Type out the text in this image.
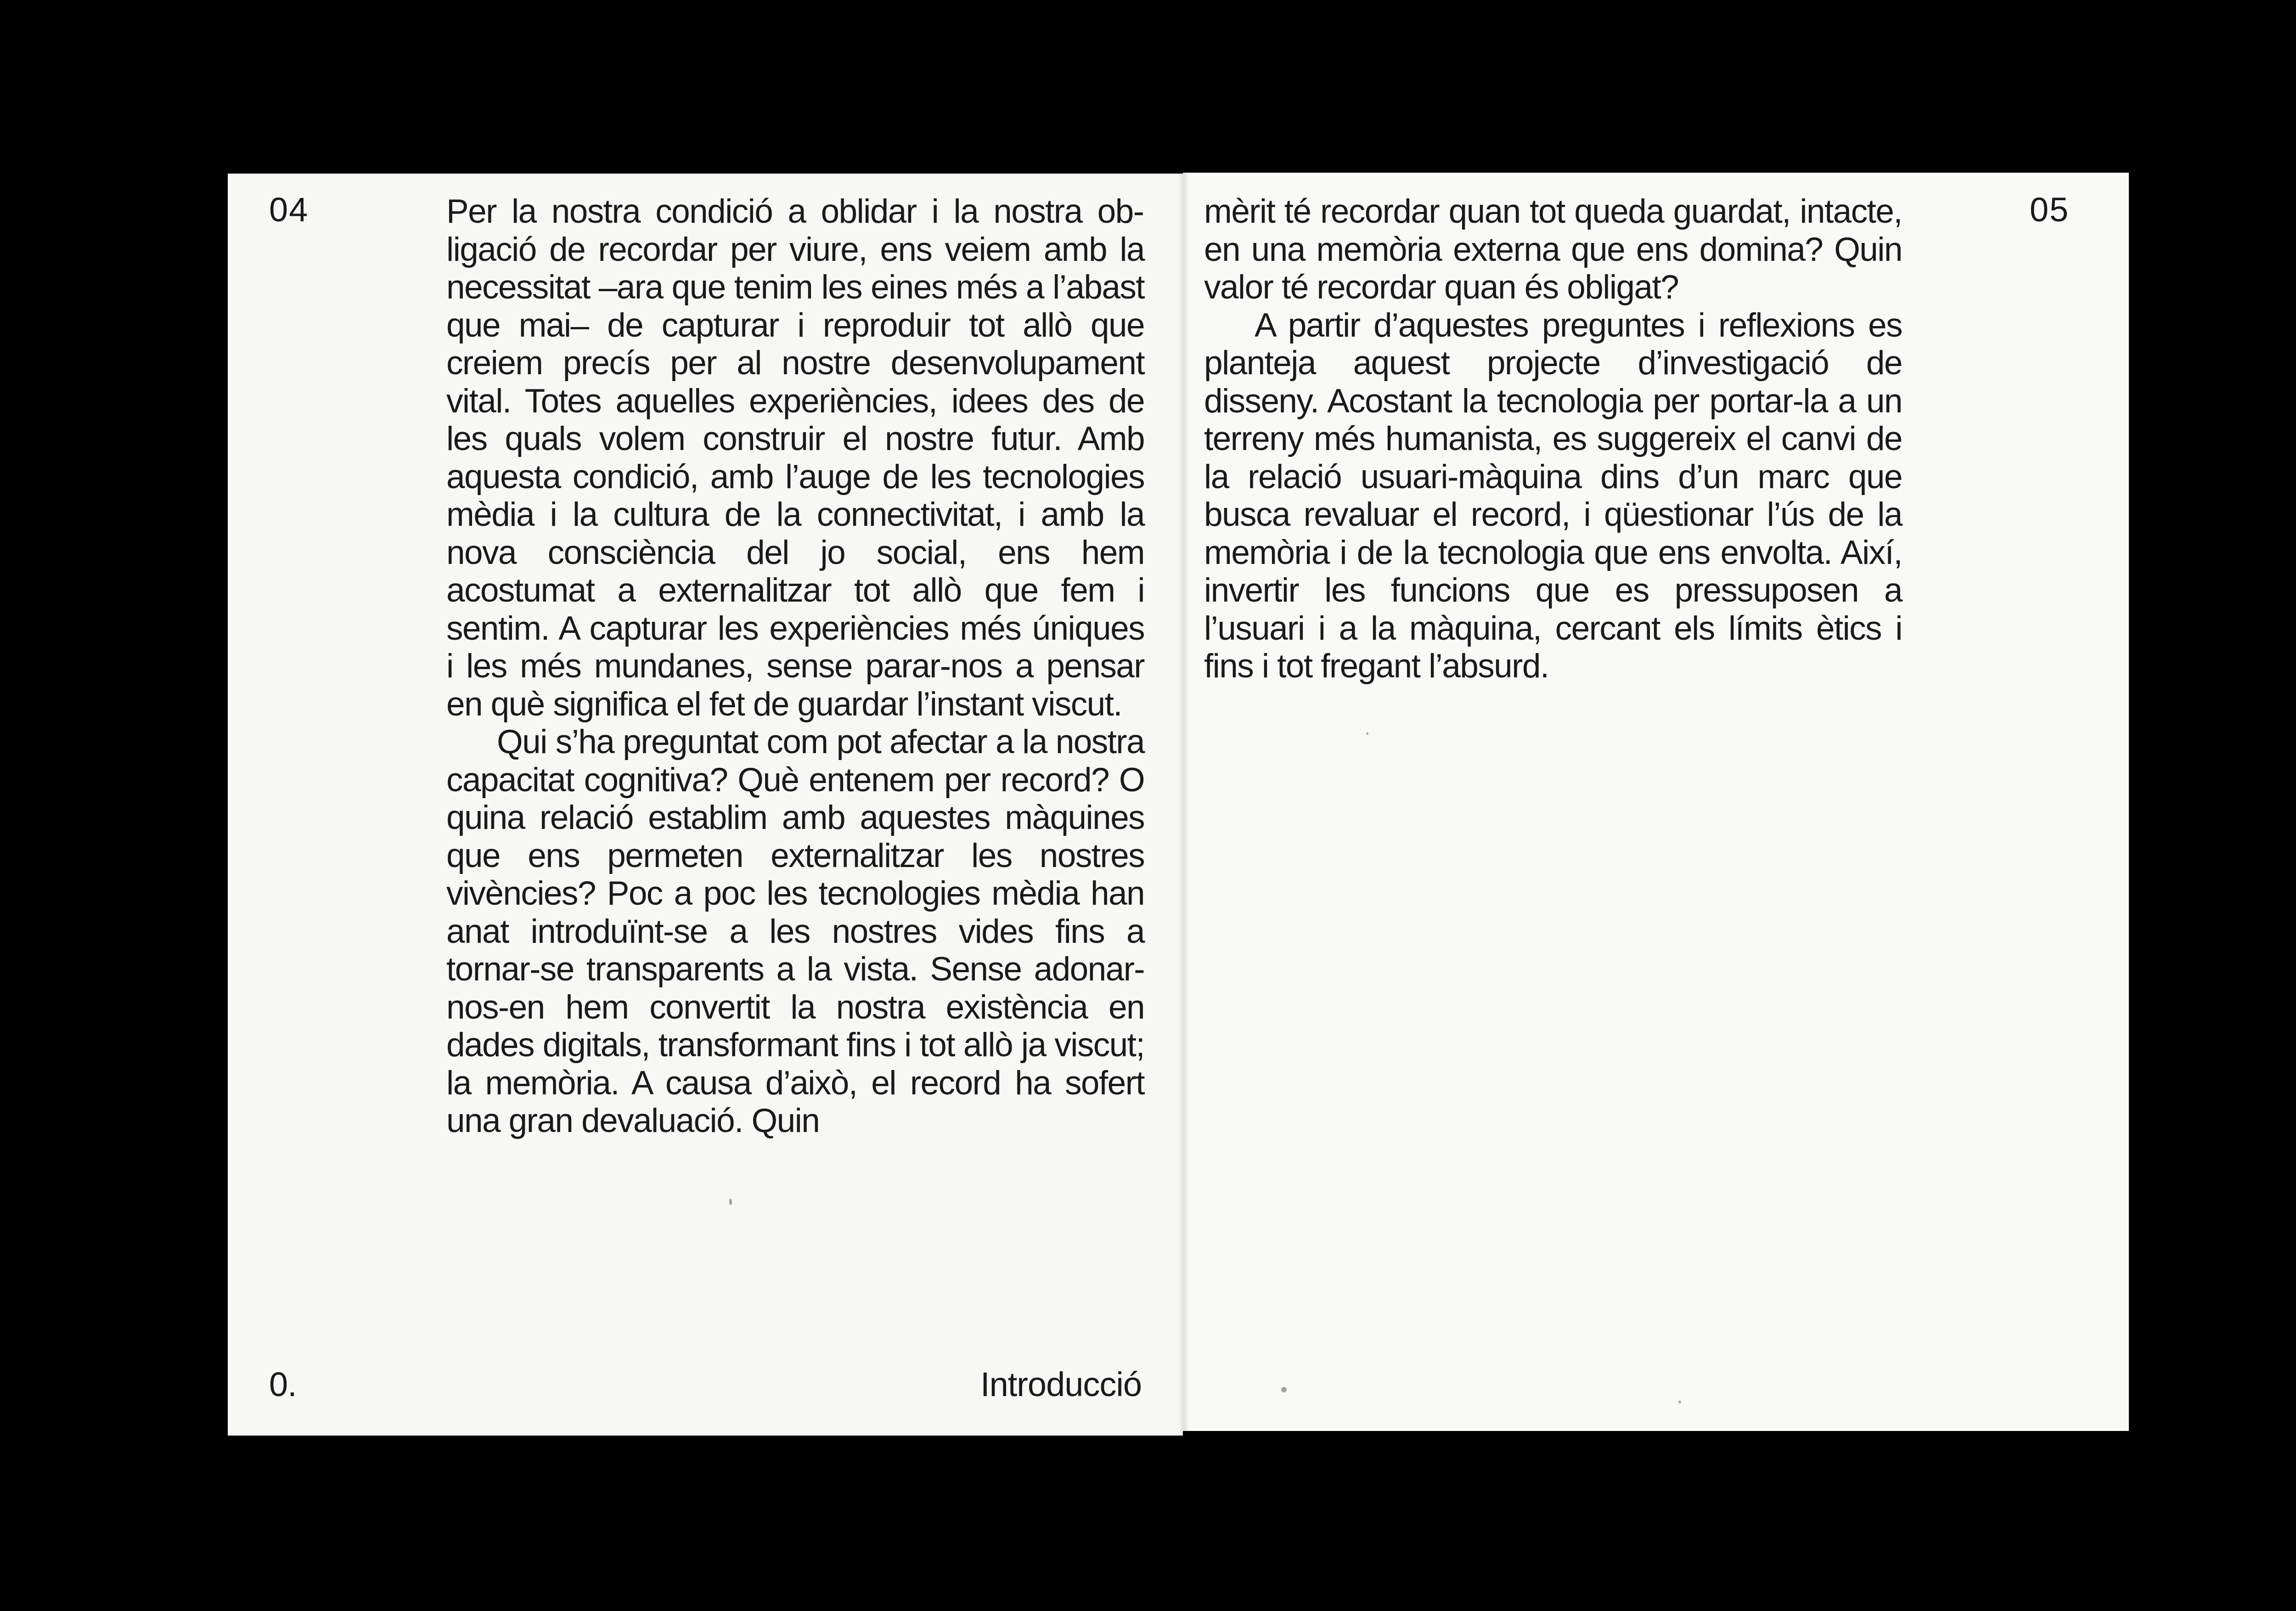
04	05

Per la nostra condició a oblidar i la nostra obligació de recordar per viure, ens veiem amb la necessitat –ara que tenim les eines més a l’abast que mai– de capturar i reproduir tot allò que creiem precís per al nostre desenvolupament vital. Totes aquelles experiències, idees des de les quals volem construir el nostre futur. Amb aquesta condició, amb l’auge de les tecnologies mèdia i la cultura de la connectivitat, i amb la nova consciència del jo social, ens hem acostumat a externalitzar tot allò que fem i sentim. A capturar les experiències més úniques i les més mundanes, sense parar-nos a pensar en què significa el fet de guardar l’instant viscut.

Qui s’ha preguntat com pot afectar a la nostra capacitat cognitiva? Què entenem per record? O quina relació establim amb aquestes màquines que ens permeten externalitzar les nostres vivències? Poc a poc les tecnologies mèdia han anat introduïnt-se a les nostres vides fins a tornar-se transparents a la vista. Sense adonar-nos-en hem convertit la nostra existència en dades digitals, transformant fins i tot allò ja viscut; la memòria. A causa d’això, el record ha sofert una gran devaluació. Quin

mèrit té recordar quan tot queda guardat, intacte, en una memòria externa que ens domina? Quin valor té recordar quan és obligat?

A partir d’aquestes preguntes i reflexions es planteja aquest projecte d’investigació de disseny. Acostant la tecnologia per portar-la a un terreny més humanista, es suggereix el canvi de la relació usuari-màquina dins d’un marc que busca revaluar el record, i qüestionar l’ús de la memòria i de la tecnologia que ens envolta. Així, invertir les funcions que es pressuposen a l’usuari i a la màquina, cercant els límits ètics i fins i tot fregant l’absurd.

0.	Introducció
